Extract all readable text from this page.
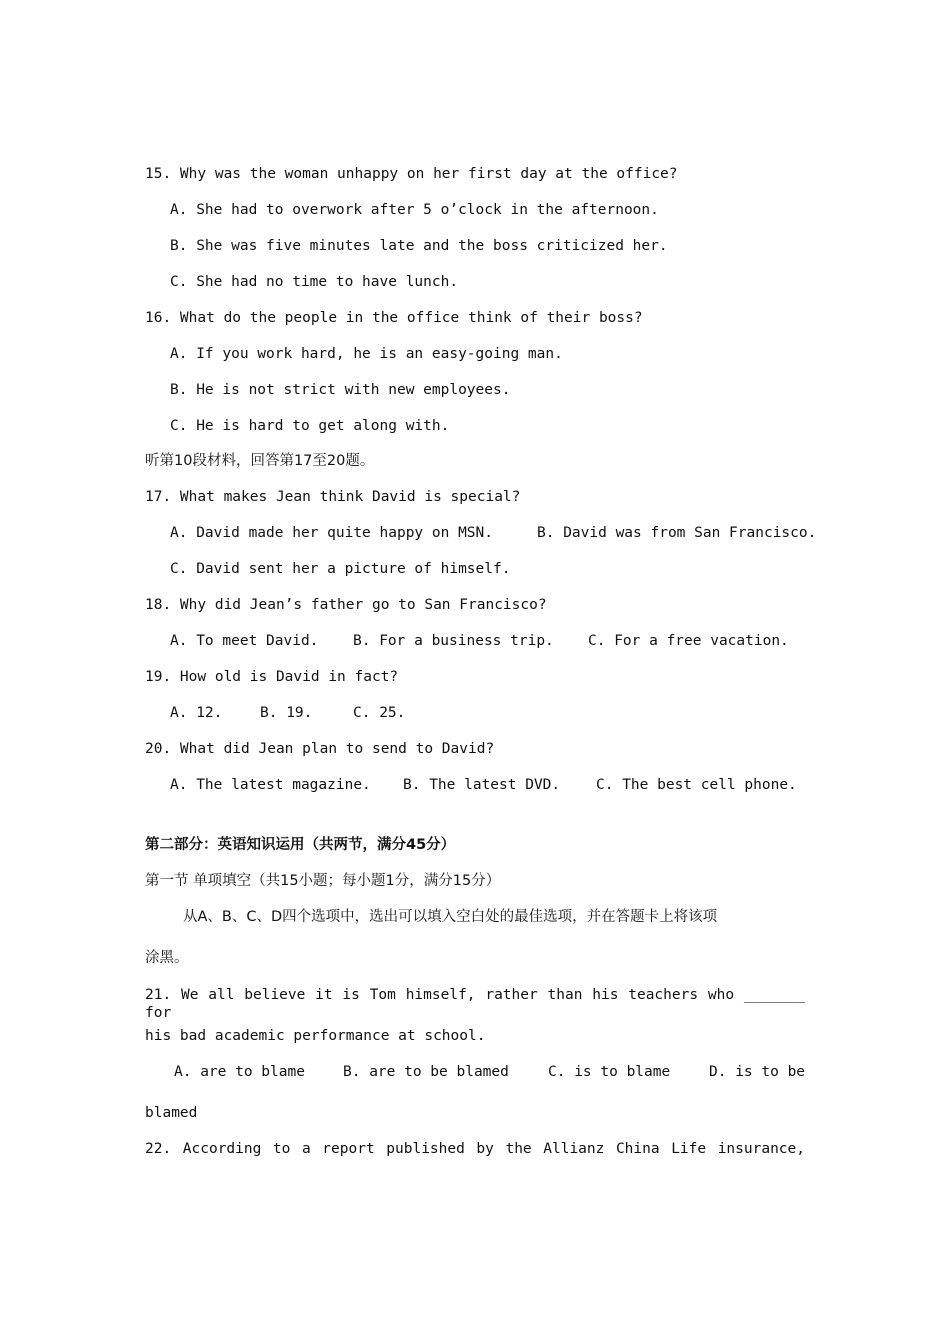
15. Why was the woman unhappy on her first day at the office?
A. She had to overwork after 5 o’clock in the afternoon.
B. She was five minutes late and the boss criticized her.
C. She had no time to have lunch.
16. What do the people in the office think of their boss?
A. If you work hard, he is an easy-going man.
B. He is not strict with new employees.
C. He is hard to get along with.
听第10段材料，回答第17至20题。
17. What makes Jean think David is special?
A. David made her quite happy on MSN.	B. David was from San Francisco.
C. David sent her a picture of himself.
18. Why did Jean’s father go to San Francisco?
A. To meet David. B. For a business trip. C. For a free vacation.
19. How old is David in fact?
A. 12.	B. 19.	C. 25.
20. What did Jean plan to send to David?
A. The latest magazine. B. The latest DVD. C. The best cell phone.
第二部分：英语知识运用（共两节，满分45分）
第一节 单项填空（共15小题；每小题1分，满分15分）
从A、B、C、D四个选项中，选出可以填入空白处的最佳选项，并在答题卡上将该项
涂黑。
21. We all believe it is Tom himself, rather than his teachers who _______ for
his bad academic performance at school.
A. are to blame	B. are to be blamed	C. is to blame	D. is to be
blamed
22. According to a report published by the Allianz China Life insurance,
